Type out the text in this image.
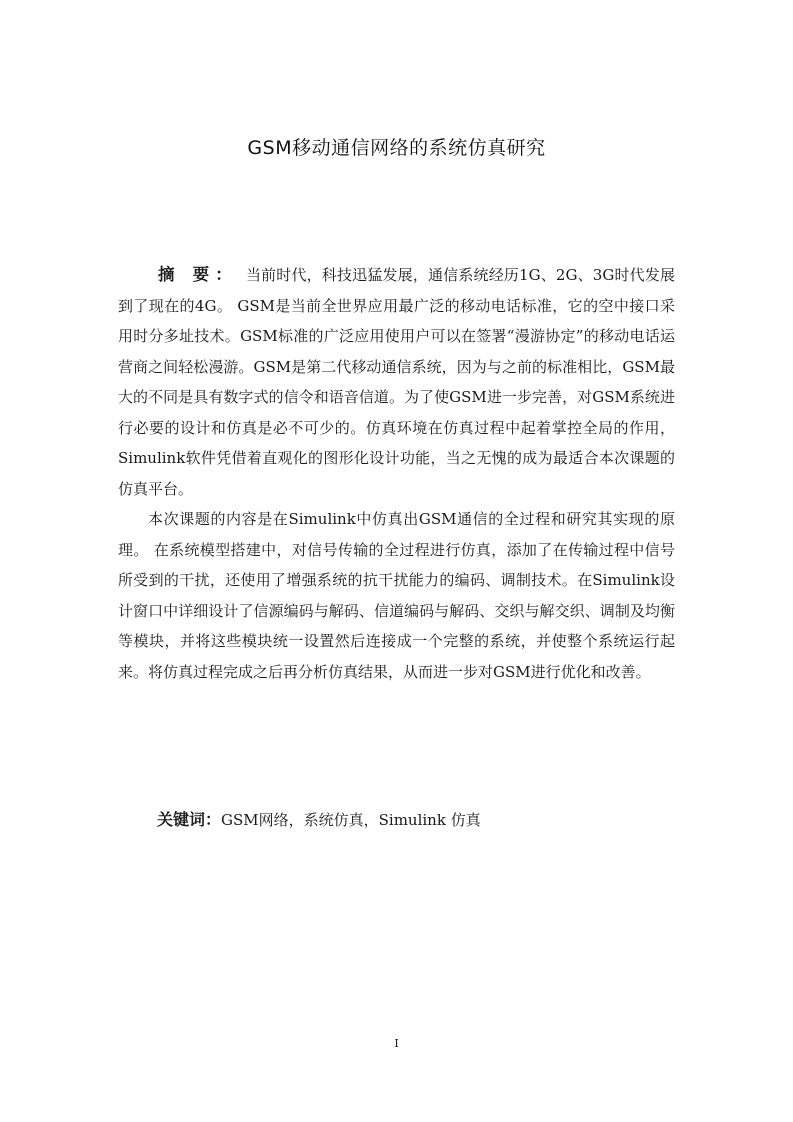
GSM移动通信网络的系统仿真研究

摘 要： 当前时代，科技迅猛发展，通信系统经历1G、2G、3G时代发展到了现在的4G。 GSM是当前全世界应用最广泛的移动电话标准，它的空中接口采用时分多址技术。GSM标准的广泛应用使用户可以在签署“漫游协定”的移动电话运营商之间轻松漫游。GSM是第二代移动通信系统，因为与之前的标准相比，GSM最大的不同是具有数字式的信令和语音信道。为了使GSM进一步完善，对GSM系统进行必要的设计和仿真是必不可少的。仿真环境在仿真过程中起着掌控全局的作用，Simulink软件凭借着直观化的图形化设计功能，当之无愧的成为最适合本次课题的仿真平台。

本次课题的内容是在Simulink中仿真出GSM通信的全过程和研究其实现的原理。 在系统模型搭建中，对信号传输的全过程进行仿真，添加了在传输过程中信号所受到的干扰，还使用了增强系统的抗干扰能力的编码、调制技术。在Simulink设计窗口中详细设计了信源编码与解码、信道编码与解码、交织与解交织、调制及均衡等模块，并将这些模块统一设置然后连接成一个完整的系统，并使整个系统运行起来。将仿真过程完成之后再分析仿真结果，从而进一步对GSM进行优化和改善。

关键词：GSM网络，系统仿真，Simulink 仿真
I
